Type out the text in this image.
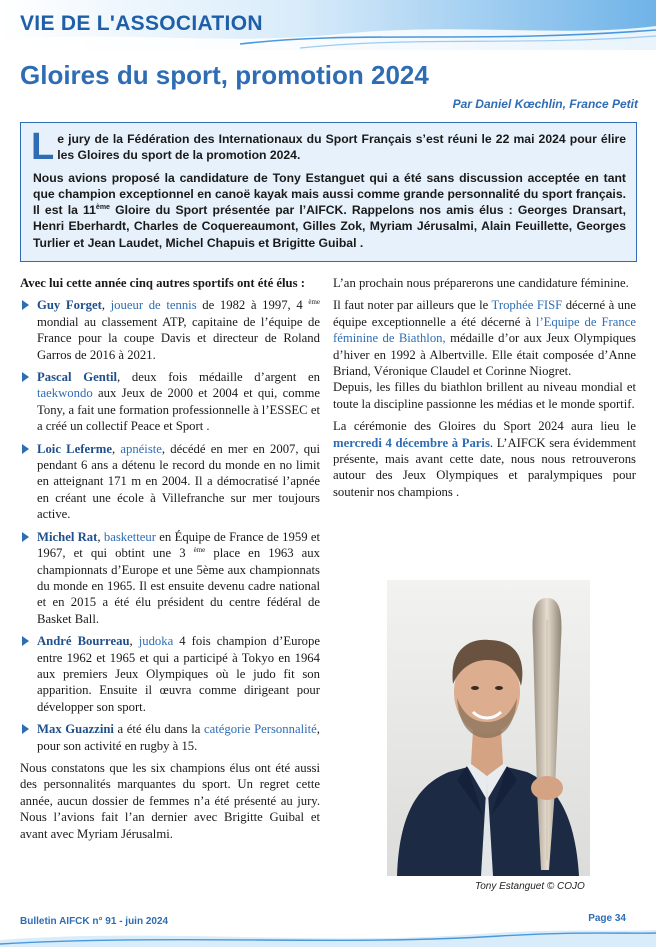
VIE DE L'ASSOCIATION
Gloires du sport, promotion 2024
Par Daniel Kœchlin, France Petit

Le jury de la Fédération des Internationaux du Sport Français s’est réuni le 22 mai 2024 pour élire les Gloires du sport de la promotion 2024.

Nous avions proposé la candidature de Tony Estanguet qui a été sans discussion acceptée en tant que champion exceptionnel en canoë kayak mais aussi comme grande personnalité du sport français. Il est la 11ème Gloire du Sport présentée par l’AIFCK. Rappelons nos amis élus : Georges Dransart, Henri Eberhardt, Charles de Coquereaumont, Gilles Zok, Myriam Jérusalmi, Alain Feuillette, Georges Turlier et Jean Laudet, Michel Chapuis et Brigitte Guibal .

Avec lui cette année cinq autres sportifs ont été élus :

Guy Forget, joueur de tennis de 1982 à 1997, 4 $^{ème}$ mondial au classement ATP, capitaine de l’équipe de France pour la coupe Davis et directeur de Roland Garros de 2016 à 2021.
Pascal Gentil, deux fois médaille d’argent en taekwondo aux Jeux de 2000 et 2004 et qui, comme Tony, a fait une formation professionnelle à l’ESSEC et a créé un collectif Peace et Sport .
Loic Leferme, apnéiste, décédé en mer en 2007, qui pendant 6 ans a détenu le record du monde en no limit en atteignant 171 m en 2004. Il a démocratisé l’apnée en créant une école à Villefranche sur mer toujours active.
Michel Rat, basketteur en Équipe de France de 1959 et 1967, et qui obtint une 3 $^{ème}$ place en 1963 aux championnats d’Europe et une 5ème aux championnats du monde en 1965. Il est ensuite devenu cadre national et en 2015 a été élu président du centre fédéral de Basket Ball.
André Bourreau, judoka 4 fois champion d’Europe entre 1962 et 1965 et qui a participé à Tokyo en 1964 aux premiers Jeux Olympiques où le judo fit son apparition. Ensuite il œuvra comme dirigeant pour développer son sport.
Max Guazzini a été élu dans la catégorie Personnalité, pour son activité en rugby à 15.

Nous constatons que les six champions élus ont été aussi des personnalités marquantes du sport. Un regret cette année, aucun dossier de femmes n’a été présenté au jury. Nous l’avions fait l’an dernier avec Brigitte Guibal et avant avec Myriam Jérusalmi.

L’an prochain nous préparerons une candidature féminine.

Il faut noter par ailleurs que le Trophée FISF décerné à une équipe exceptionnelle a été décerné à l’Equipe de France féminine de Biathlon, médaille d’or aux Jeux Olympiques d’hiver en 1992 à Albertville. Elle était composée d’Anne Briand, Véronique Claudel et Corinne Niogret.
Depuis, les filles du biathlon brillent au niveau mondial et toute la discipline passionne les médias et le monde sportif.

La cérémonie des Gloires du Sport 2024 aura lieu le mercredi 4 décembre à Paris. L’AIFCK sera évidemment présente, mais avant cette date, nous nous retrouverons autour des Jeux Olympiques et paralympiques pour soutenir nos champions .

Tony Estanguet © COJO
Bulletin AIFCK n° 91 - juin 2024	Page 34
